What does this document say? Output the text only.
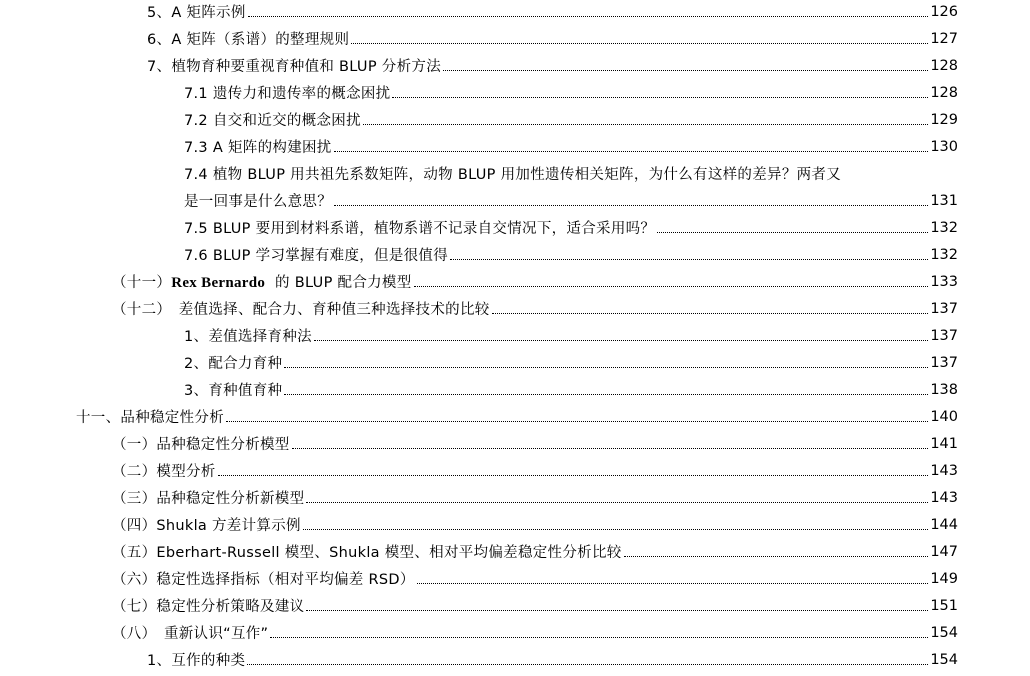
5、A 矩阵示例	126
6、A 矩阵（系谱）的整理规则	127
7、植物育种要重视育种值和 BLUP 分析方法	128
7.1 遗传力和遗传率的概念困扰	128
7.2 自交和近交的概念困扰	129
7.3 A 矩阵的构建困扰	130
7.4 植物 BLUP 用共祖先系数矩阵，动物 BLUP 用加性遗传相关矩阵，为什么有这样的差异？两者又
是一回事是什么意思？	131
7.5 BLUP 要用到材料系谱，植物系谱不记录自交情况下，适合采用吗？	132
7.6 BLUP 学习掌握有难度，但是很值得	132
（十一）Rex Bernardo 的 BLUP 配合力模型	133
（十二）　差值选择、配合力、育种值三种选择技术的比较	137
1、差值选择育种法	137
2、配合力育种	137
3、育种值育种	138
十一、品种稳定性分析	140
（一）品种稳定性分析模型	141
（二）模型分析	143
（三）品种稳定性分析新模型	143
（四）Shukla 方差计算示例	144
（五）Eberhart-Russell 模型、Shukla 模型、相对平均偏差稳定性分析比较	147
（六）稳定性选择指标（相对平均偏差 RSD）	149
（七）稳定性分析策略及建议	151
（八）　重新认识“互作”	154
1、互作的种类	154
